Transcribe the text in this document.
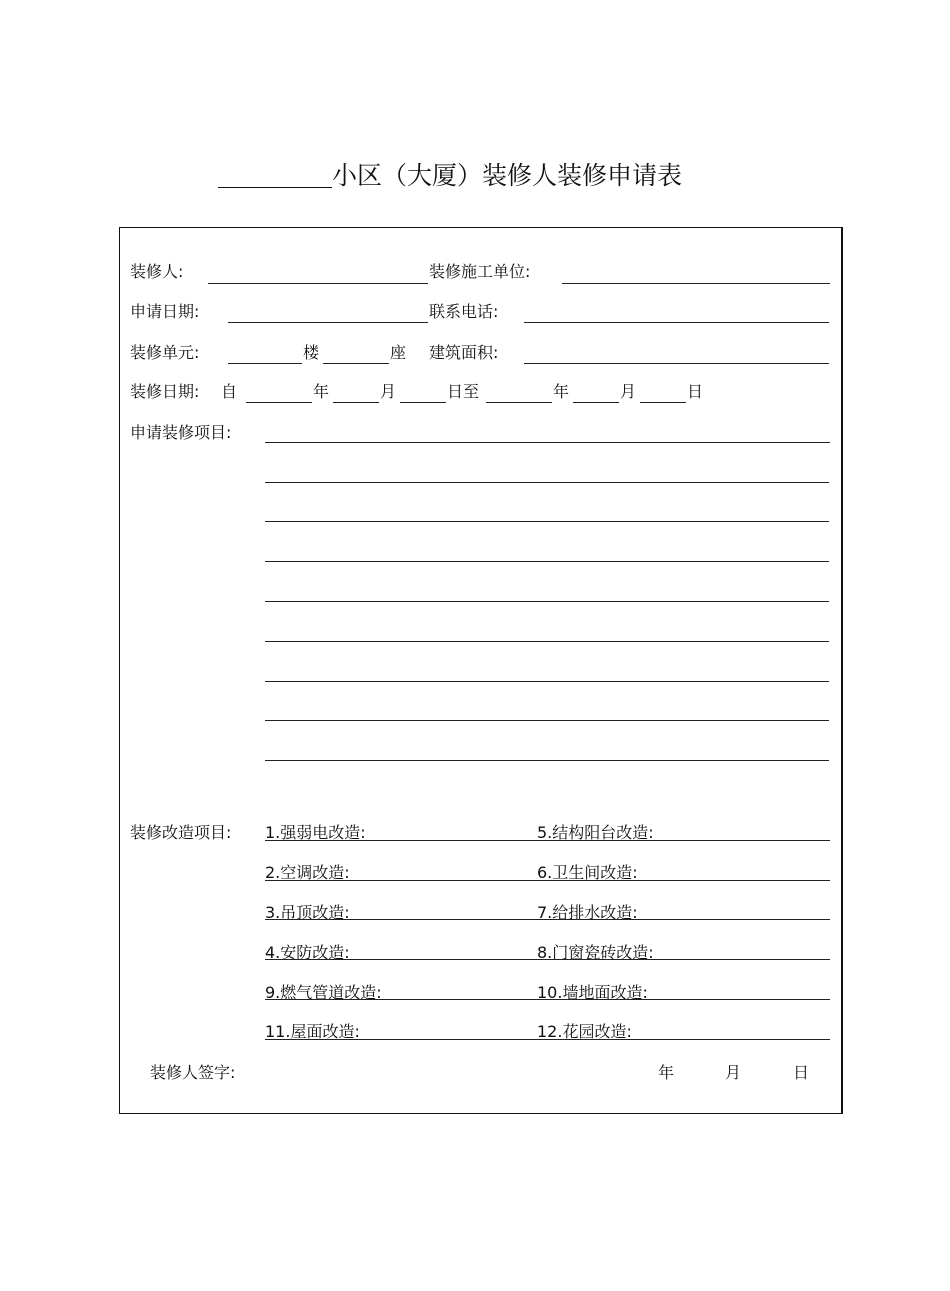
小区（大厦）装修人装修申请表
装修人:	装修施工单位:
申请日期:	联系电话:
装修单元:	楼	座 建筑面积:
装修日期: 自	年	月	日至	年	月	日
申请装修项目:
装修改造项目: 1.强弱电改造:	5.结构阳台改造:
2.空调改造:	6.卫生间改造:
3.吊顶改造:	7.给排水改造:
4.安防改造:	8.门窗瓷砖改造:
9.燃气管道改造:	10.墙地面改造:
11.屋面改造:	12.花园改造:
装修人签字:	年	月	日
